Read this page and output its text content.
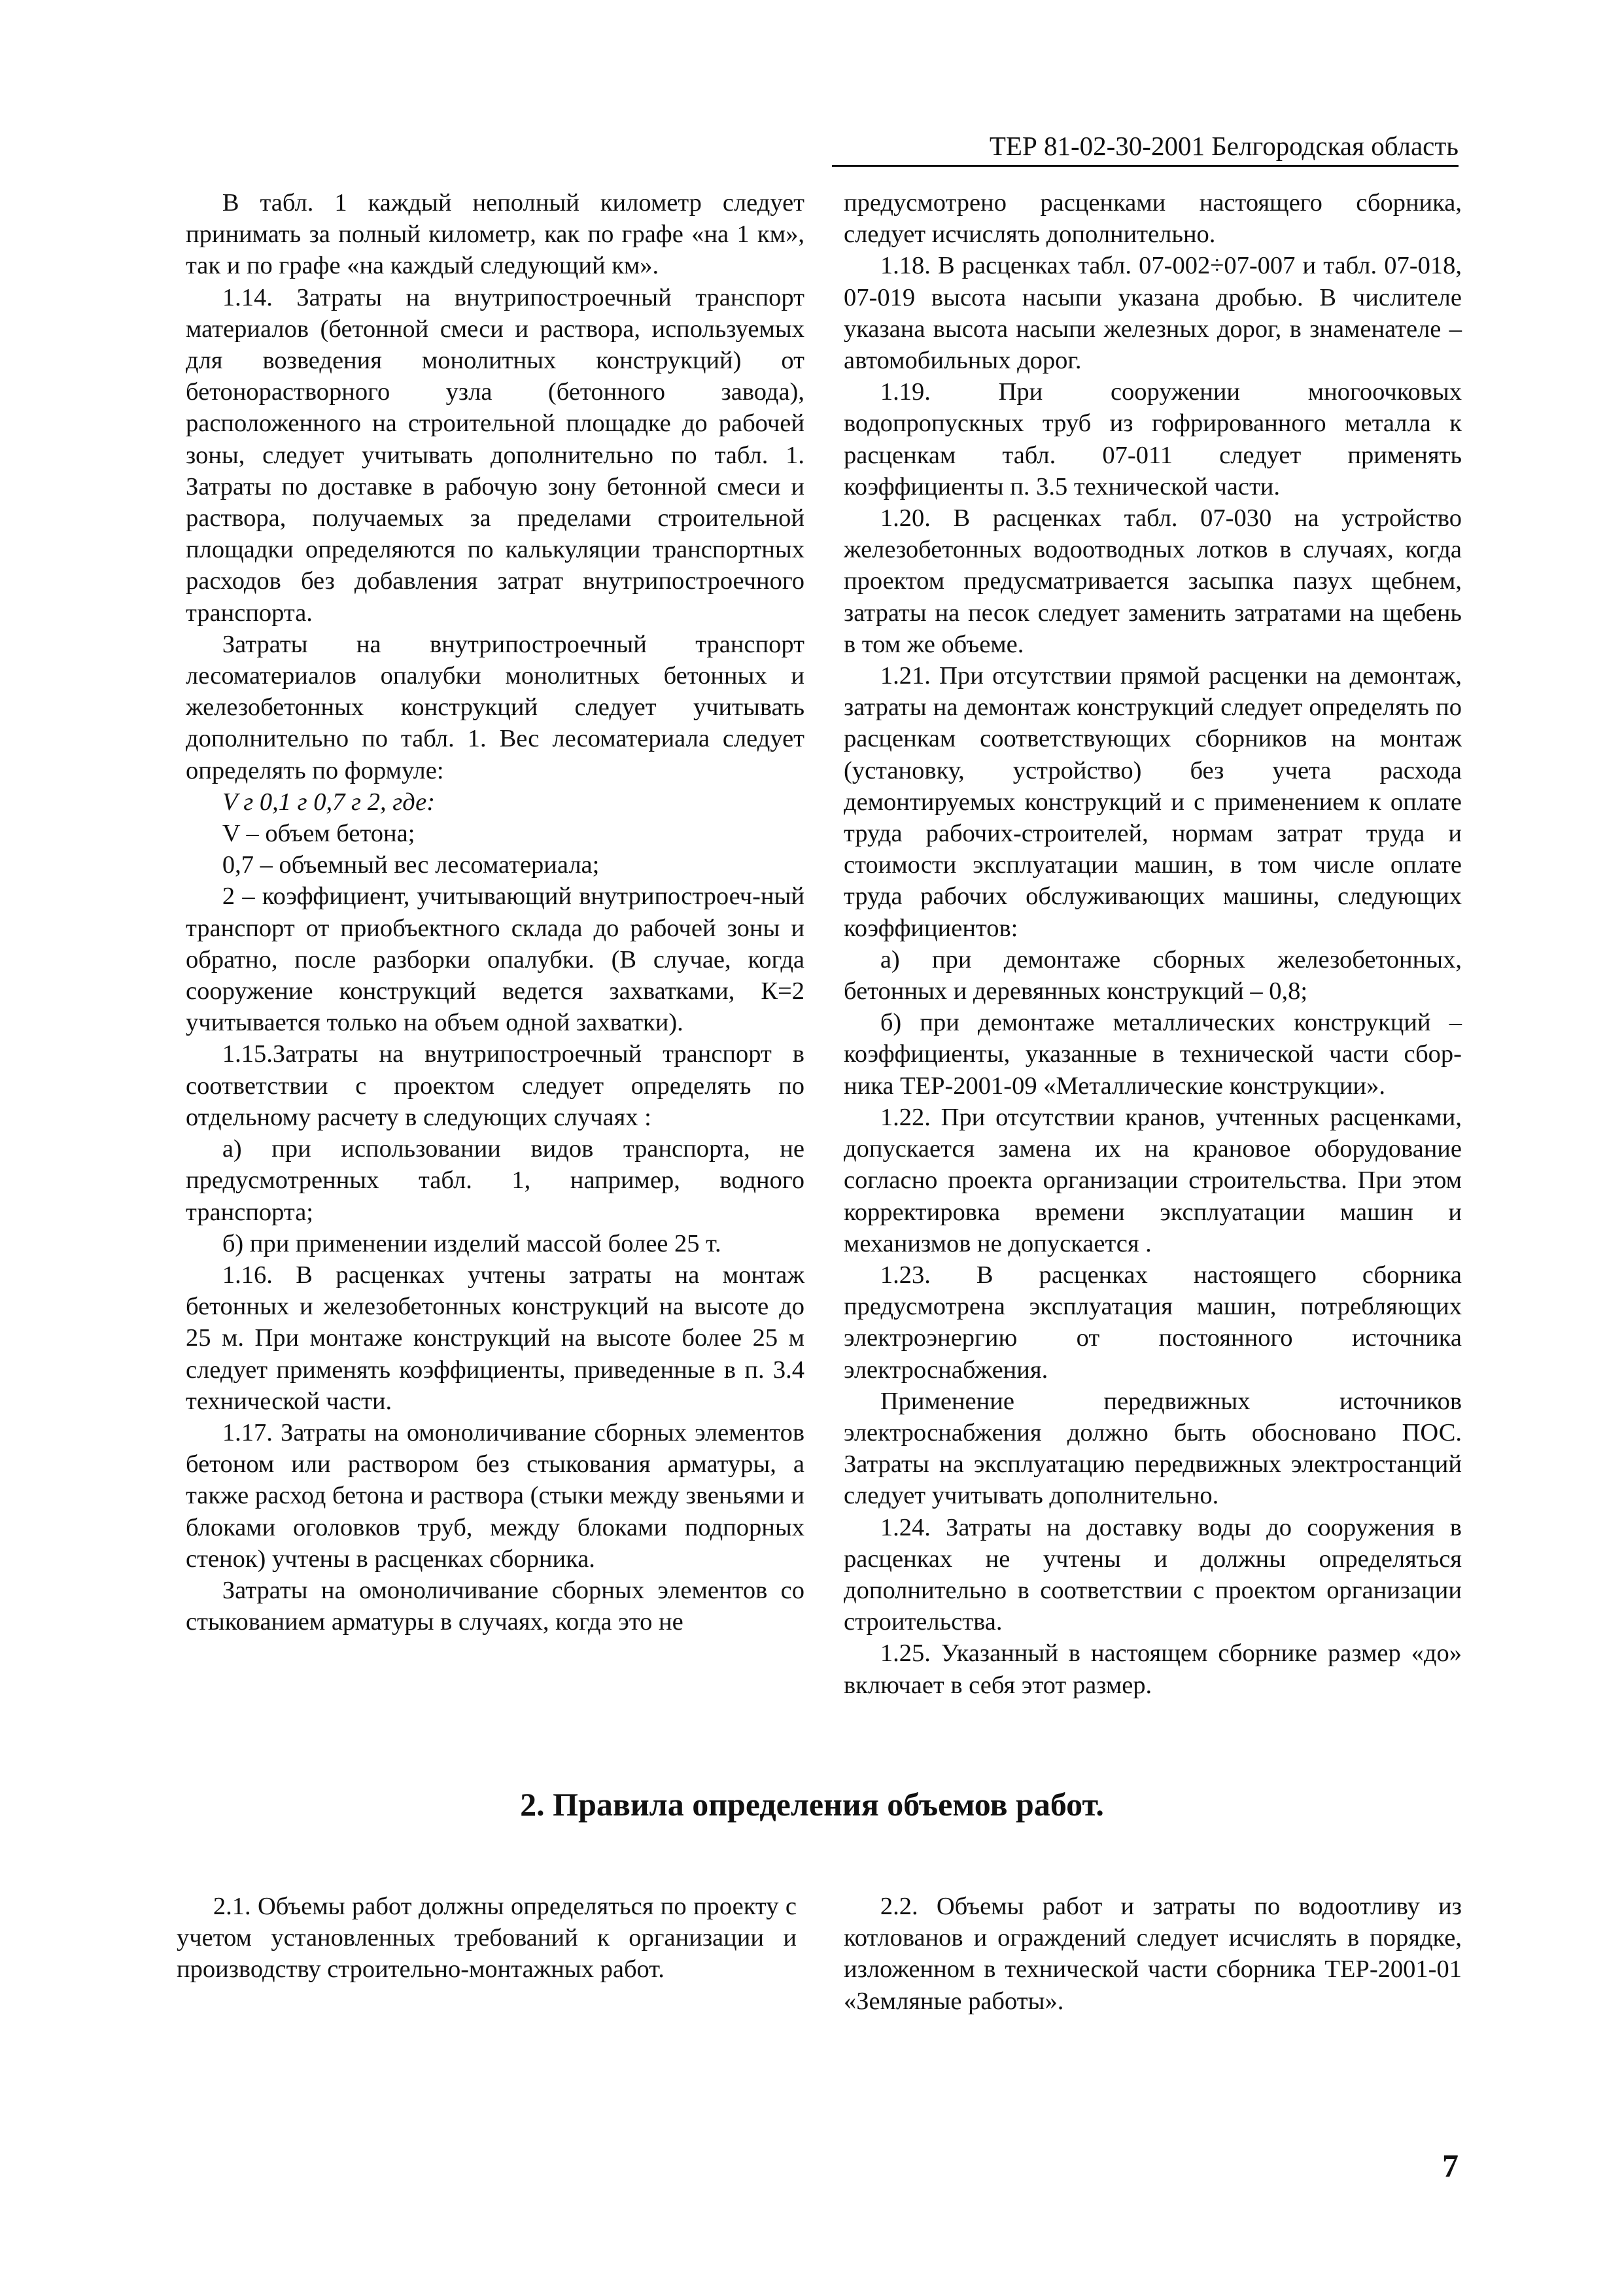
ТЕР 81-02-30-2001 Белгородская область

В табл. 1 каждый неполный километр следует принимать за полный километр, как по графе «на 1 км», так и по графе «на каждый следующий км».

1.14. Затраты на внутрипостроечный транспорт материалов (бетонной смеси и раствора, используемых для возведения монолитных конструкций) от бетонорастворного узла (бетонного завода), расположенного на строительной площадке до рабочей зоны, следует учитывать дополнительно по табл. 1. Затраты по доставке в рабочую зону бетонной смеси и раствора, получаемых за пределами строительной площадки определяются по калькуляции транспортных расходов без добавления затрат внутрипостроечного транспорта.

Затраты на внутрипостроечный транспорт лесоматериалов опалубки монолитных бетонных и железобетонных конструкций следует учитывать дополнительно по табл. 1. Вес лесоматериала следует определять по формуле:

V г 0,1 г 0,7 г 2, где:

V – объем бетона;

0,7 – объемный вес лесоматериала;

2 – коэффициент, учитывающий внутрипостроеч-ный транспорт от приобъектного склада до рабочей зоны и обратно, после разборки опалубки. (В случае, когда сооружение конструкций ведется захватками, К=2 учитывается только на объем одной захватки).

1.15.Затраты на внутрипостроечный транспорт в соответствии с проектом следует определять по отдельному расчету в следующих случаях :

а) при использовании видов транспорта, не предусмотренных табл. 1, например, водного транспорта;

б) при применении изделий массой более 25 т.

1.16. В расценках учтены затраты на монтаж бетонных и железобетонных конструкций на высоте до 25 м. При монтаже конструкций на высоте более 25 м следует применять коэффициенты, приведенные в п. 3.4 технической части.

1.17. Затраты на омоноличивание сборных элементов бетоном или раствором без стыкования арматуры, а также расход бетона и раствора (стыки между звеньями и блоками оголовков труб, между блоками подпорных стенок) учтены в расценках сборника.

Затраты на омоноличивание сборных элементов со стыкованием арматуры в случаях, когда это не

предусмотрено расценками настоящего сборника, следует исчислять дополнительно.

1.18. В расценках табл. 07-002÷07-007 и табл. 07-018, 07-019 высота насыпи указана дробью. В числителе указана высота насыпи железных дорог, в знаменателе – автомобильных дорог.

1.19. При сооружении многоочковых водопропускных труб из гофрированного металла к расценкам табл. 07-011 следует применять коэффициенты п. 3.5 технической части.

1.20. В расценках табл. 07-030 на устройство железобетонных водоотводных лотков в случаях, когда проектом предусматривается засыпка пазух щебнем, затраты на песок следует заменить затратами на щебень в том же объеме.

1.21. При отсутствии прямой расценки на демонтаж, затраты на демонтаж конструкций следует определять по расценкам соответствующих сборников на монтаж (установку, устройство) без учета расхода демонтируемых конструкций и с применением к оплате труда рабочих-строителей, нормам затрат труда и стоимости эксплуатации машин, в том числе оплате труда рабочих обслуживающих машины, следующих коэффициентов:

а) при демонтаже сборных железобетонных, бетонных и деревянных конструкций – 0,8;

б) при демонтаже металлических конструкций – коэффициенты, указанные в технической части сбор-ника ТЕР-2001-09 «Металлические конструкции».

1.22. При отсутствии кранов, учтенных расценками, допускается замена их на крановое оборудование согласно проекта организации строительства. При этом корректировка времени эксплуатации машин и механизмов не допускается .

1.23. В расценках настоящего сборника предусмотрена эксплуатация машин, потребляющих электроэнергию от постоянного источника электроснабжения.

Применение передвижных источников электроснабжения должно быть обосновано ПОС. Затраты на эксплуатацию передвижных электростанций следует учитывать дополнительно.

1.24. Затраты на доставку воды до сооружения в расценках не учтены и должны определяться дополнительно в соответствии с проектом организации строительства.

1.25. Указанный в настоящем сборнике размер «до» включает в себя этот размер.

2. Правила определения объемов работ.

2.1. Объемы работ должны определяться по проекту с учетом установленных требований к организации и производству строительно-монтажных работ.

2.2. Объемы работ и затраты по водоотливу из котлованов и ограждений следует исчислять в порядке, изложенном в технической части сборника ТЕР-2001-01 «Земляные работы».

7
